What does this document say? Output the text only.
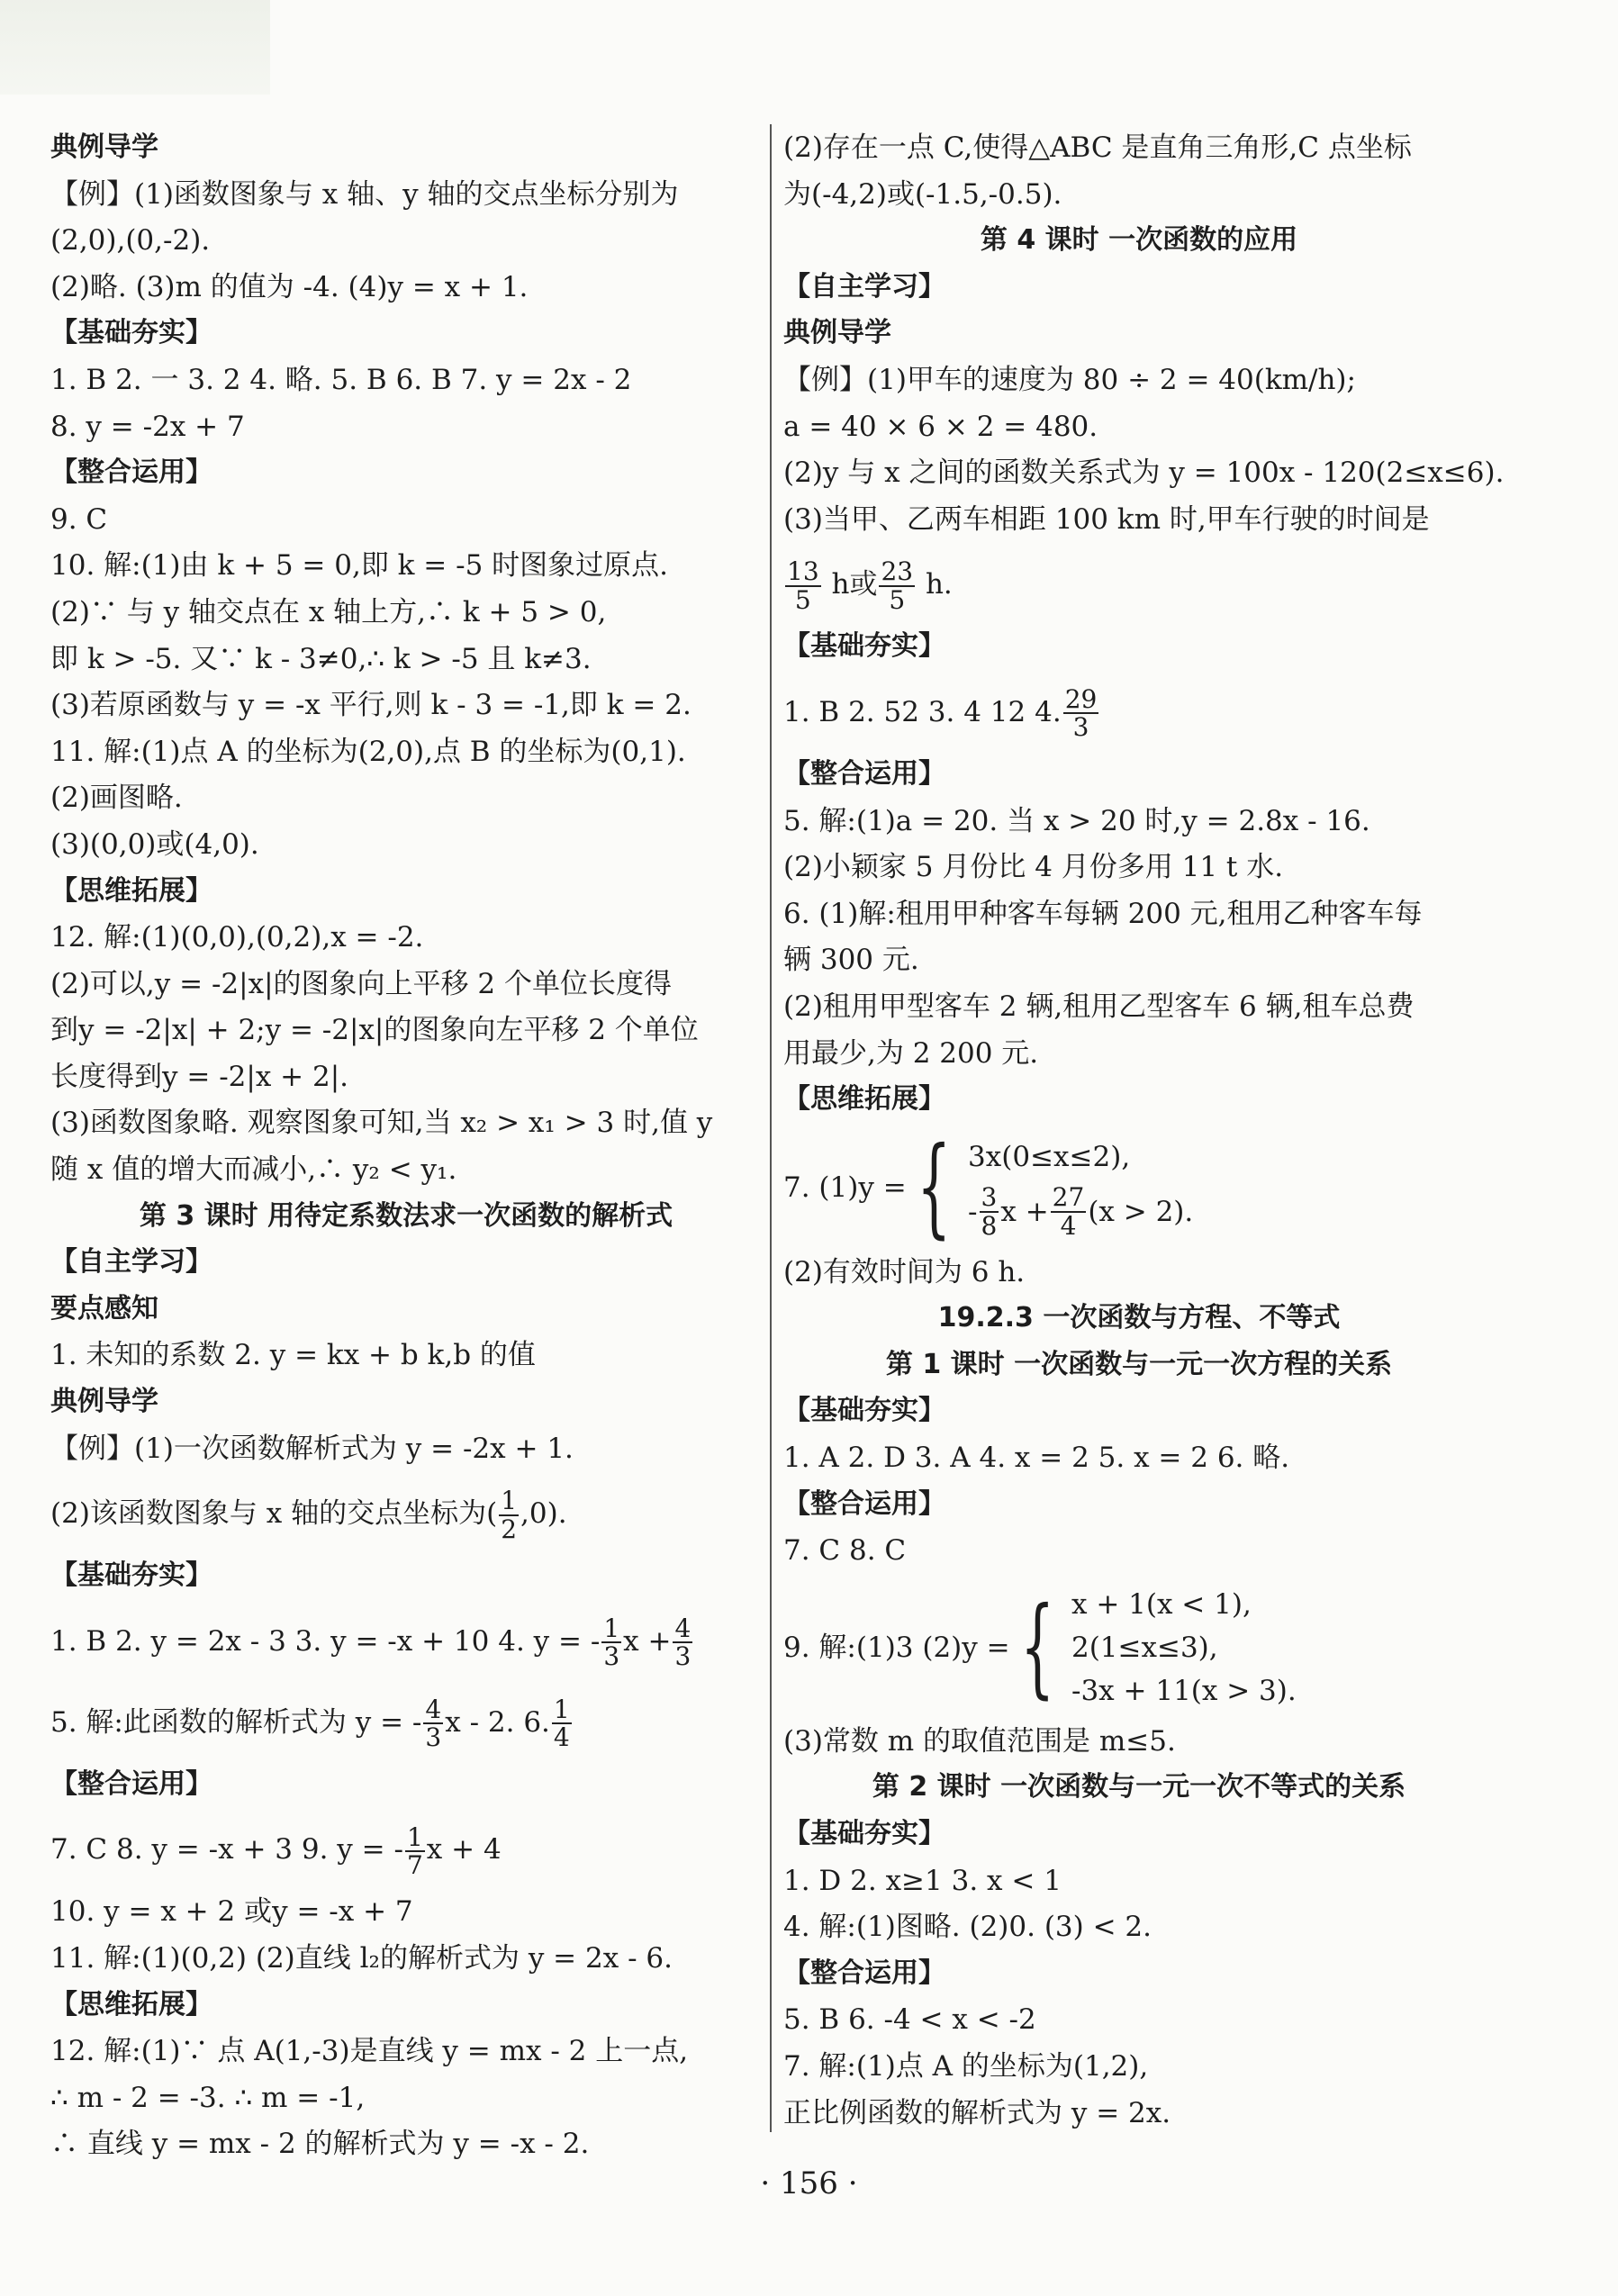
典例导学
【例】(1)函数图象与 x 轴、y 轴的交点坐标分别为
(2,0),(0,-2).
(2)略. (3)m 的值为 -4. (4)y = x + 1.
【基础夯实】
1. B 2. 一 3. 2 4. 略. 5. B 6. B 7. y = 2x - 2
8. y = -2x + 7
【整合运用】
9. C
10. 解:(1)由 k + 5 = 0,即 k = -5 时图象过原点.
(2)∵ 与 y 轴交点在 x 轴上方,∴ k + 5 > 0,
即 k > -5. 又∵ k - 3≠0,∴ k > -5 且 k≠3.
(3)若原函数与 y = -x 平行,则 k - 3 = -1,即 k = 2.
11. 解:(1)点 A 的坐标为(2,0),点 B 的坐标为(0,1).
(2)画图略.
(3)(0,0)或(4,0).
【思维拓展】
12. 解:(1)(0,0),(0,2),x = -2.
(2)可以,y = -2|x|的图象向上平移 2 个单位长度得
到y = -2|x| + 2;y = -2|x|的图象向左平移 2 个单位
长度得到y = -2|x + 2|.
(3)函数图象略. 观察图象可知,当 x₂ > x₁ > 3 时,值 y
随 x 值的增大而减小,∴ y₂ < y₁.
第 3 课时 用待定系数法求一次函数的解析式
【自主学习】
要点感知
1. 未知的系数 2. y = kx + b k,b 的值
典例导学
【例】(1)一次函数解析式为 y = -2x + 1.
(2)该函数图象与 x 轴的交点坐标为( $\frac{1}{2} ,0$).
【基础夯实】
1. B 2. y = 2x - 3 3. y = -x + 10 4. y = - $\frac{1}{3}$ $x + \frac{4}{3}$
5. 解:此函数的解析式为 y = - $\frac{4}{3}$ x - 2. 6. $\frac{1}{4}$
【整合运用】
7. C 8. y = -x + 3 9. y = - $\frac{1}{7}$ x + 4
10. y = x + 2 或y = -x + 7
11. 解:(1)(0,2) (2)直线 l₂的解析式为 y = 2x - 6.
【思维拓展】
12. 解:(1)∵ 点 A(1,-3)是直线 y = mx - 2 上一点,
∴ m - 2 = -3. ∴ m = -1,
∴ 直线 y = mx - 2 的解析式为 y = -x - 2.
(2)存在一点 C,使得△ABC 是直角三角形,C 点坐标
为(-4,2)或(-1.5,-0.5).
第 4 课时 一次函数的应用
【自主学习】
典例导学
【例】(1)甲车的速度为 80 ÷ 2 = 40(km/h);
a = 40 × 6 × 2 = 480.
(2)y 与 x 之间的函数关系式为 y = 100x - 120(2≤x≤6).
(3)当甲、乙两车相距 100 km 时,甲车行驶的时间是
$\frac{13}{5}$ h或 $\frac{23}{5} h$.
【基础夯实】
1. B 2. 52 3. 4 12 4. $\frac{29}{3}$
【整合运用】
5. 解:(1)a = 20. 当 x > 20 时,y = 2.8x - 16.
(2)小颖家 5 月份比 4 月份多用 11 t 水.
6. (1)解:租用甲种客车每辆 200 元,租用乙种客车每
辆 300 元.
(2)租用甲型客车 2 辆,租用乙型客车 6 辆,租车总费
用最少,为 2 200 元.
【思维拓展】
7. (1)y = { 3x(0≤x≤2),
- $\frac{3}{8}$ $x + \frac{27}{4} (x > 2)$.
(2)有效时间为 6 h.
19.2.3 一次函数与方程、不等式
第 1 课时 一次函数与一元一次方程的关系
【基础夯实】
1. A 2. D 3. A 4. x = 2 5. x = 2 6. 略.
【整合运用】
7. C 8. C
9. 解:(1)3 (2)y = { x + 1(x < 1),
2(1≤x≤3),
-3x + 11(x > 3).
(3)常数 m 的取值范围是 m≤5.
第 2 课时 一次函数与一元一次不等式的关系
【基础夯实】
1. D 2. x≥1 3. x < 1
4. 解:(1)图略. (2)0. (3) < 2.
【整合运用】
5. B 6. -4 < x < -2
7. 解:(1)点 A 的坐标为(1,2),
正比例函数的解析式为 y = 2x.
· 156 ·
